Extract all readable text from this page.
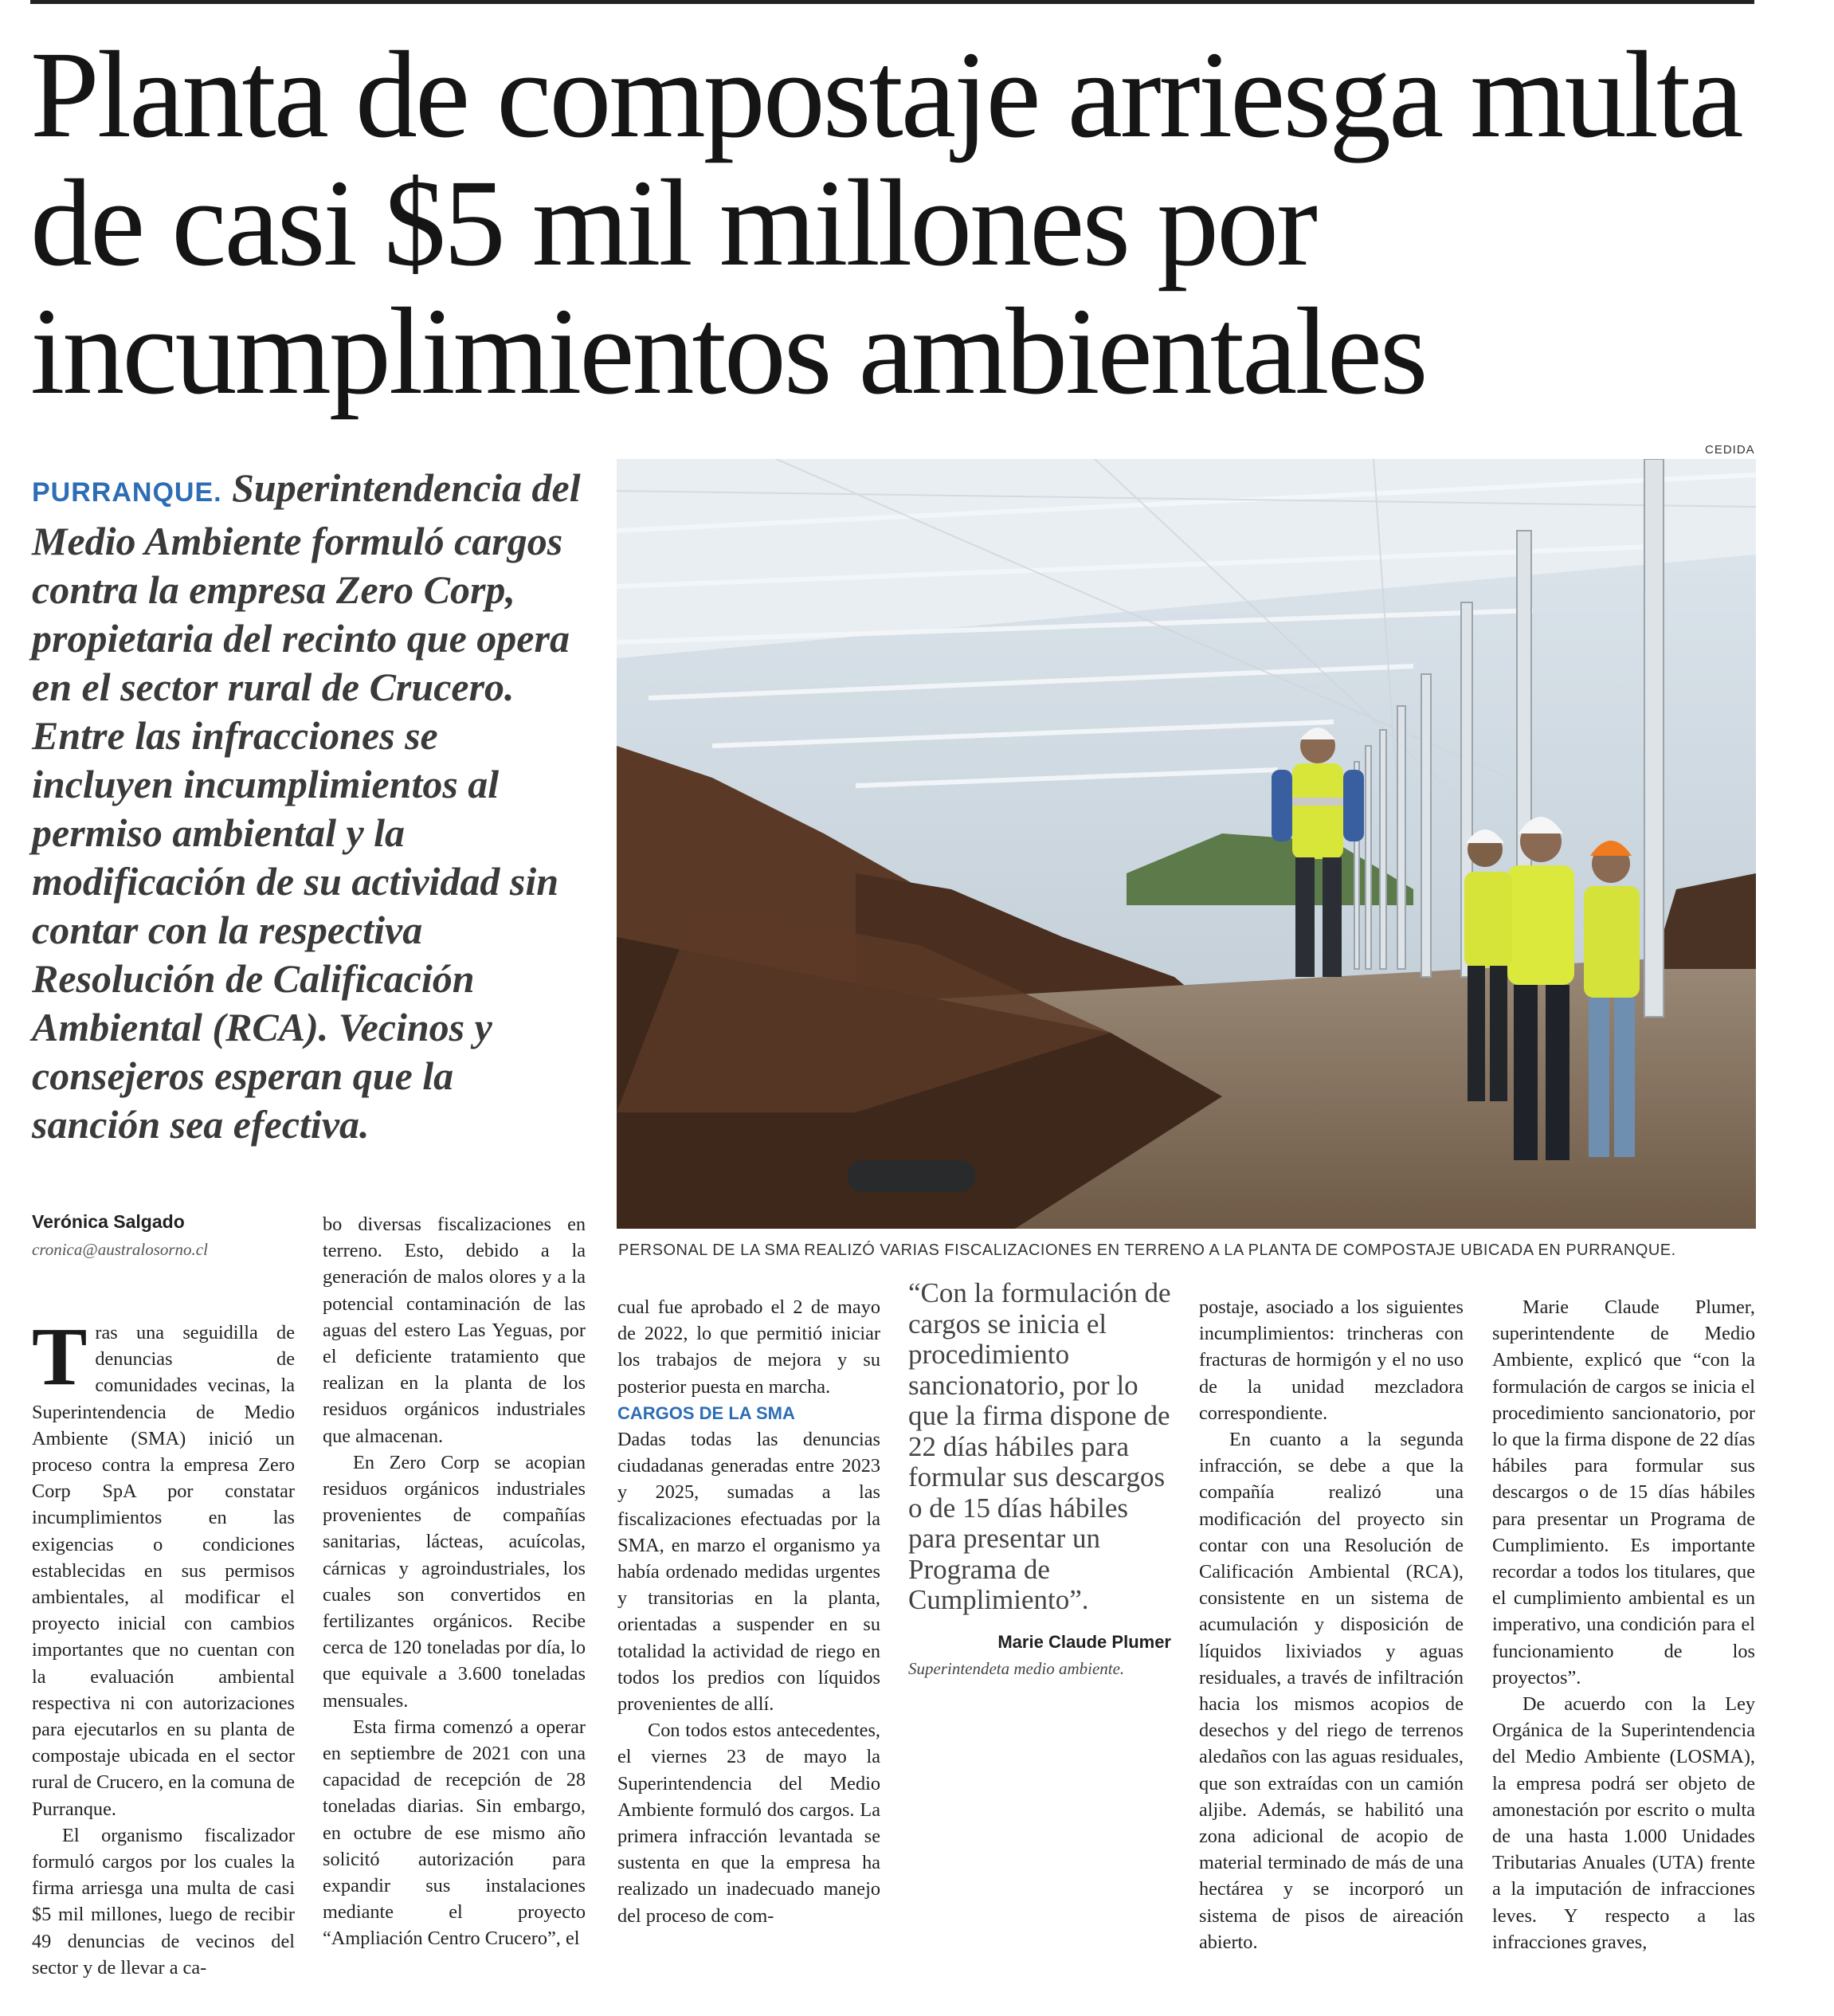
Planta de compostaje arriesga multa de casi $5 mil millones por incumplimientos ambientales

PURRANQUE. Superintendencia del Medio Ambiente formuló cargos contra la empresa Zero Corp, propietaria del recinto que opera en el sector rural de Crucero. Entre las infracciones se incluyen incumplimientos al permiso ambiental y la modificación de su actividad sin contar con la respectiva Resolución de Calificación Ambiental (RCA). Vecinos y consejeros esperan que la sanción sea efectiva.

CEDIDA
PERSONAL DE LA SMA REALIZÓ VARIAS FISCALIZACIONES EN TERRENO A LA PLANTA DE COMPOSTAJE UBICADA EN PURRANQUE.
Verónica Salgado
cronica@australosorno.cl

Tras una seguidilla de denuncias de comunidades vecinas, la Superintendencia de Medio Ambiente (SMA) inició un proceso contra la empresa Zero Corp SpA por constatar incumplimientos en las exigencias o condiciones establecidas en sus permisos ambientales, al modificar el proyecto inicial con cambios importantes que no cuentan con la evaluación ambiental respectiva ni con autorizaciones para ejecutarlos en su planta de compostaje ubicada en el sector rural de Crucero, en la comuna de Purranque.

El organismo fiscalizador formuló cargos por los cuales la firma arriesga una multa de casi $5 mil millones, luego de recibir 49 denuncias de vecinos del sector y de llevar a ca-

bo diversas fiscalizaciones en terreno. Esto, debido a la generación de malos olores y a la potencial contaminación de las aguas del estero Las Yeguas, por el deficiente tratamiento que realizan en la planta de los residuos orgánicos industriales que almacenan.

En Zero Corp se acopian residuos orgánicos industriales provenientes de compañías sanitarias, lácteas, acuícolas, cárnicas y agroindustriales, los cuales son convertidos en fertilizantes orgánicos. Recibe cerca de 120 toneladas por día, lo que equivale a 3.600 toneladas mensuales.

Esta firma comenzó a operar en septiembre de 2021 con una capacidad de recepción de 28 toneladas diarias. Sin embargo, en octubre de ese mismo año solicitó autorización para expandir sus instalaciones mediante el proyecto “Ampliación Centro Crucero”, el

cual fue aprobado el 2 de mayo de 2022, lo que permitió iniciar los trabajos de mejora y su posterior puesta en marcha.

CARGOS DE LA SMA

Dadas todas las denuncias ciudadanas generadas entre 2023 y 2025, sumadas a las fiscalizaciones efectuadas por la SMA, en marzo el organismo ya había ordenado medidas urgentes y transitorias en la planta, orientadas a suspender en su totalidad la actividad de riego en todos los predios con líquidos provenientes de allí.

Con todos estos antecedentes, el viernes 23 de mayo la Superintendencia del Medio Ambiente formuló dos cargos. La primera infracción levantada se sustenta en que la empresa ha realizado un inadecuado manejo del proceso de com-

“Con la formulación de cargos se inicia el procedimiento sancionatorio, por lo que la firma dispone de 22 días hábiles para formular sus descargos o de 15 días hábiles para presentar un Programa de Cumplimiento”.
Marie Claude Plumer
Superintendeta medio ambiente.

postaje, asociado a los siguientes incumplimientos: trincheras con fracturas de hormigón y el no uso de la unidad mezcladora correspondiente.

En cuanto a la segunda infracción, se debe a que la compañía realizó una modificación del proyecto sin contar con una Resolución de Calificación Ambiental (RCA), consistente en un sistema de acumulación y disposición de líquidos lixiviados y aguas residuales, a través de infiltración hacia los mismos acopios de desechos y del riego de terrenos aledaños con las aguas residuales, que son extraídas con un camión aljibe. Además, se habilitó una zona adicional de acopio de material terminado de más de una hectárea y se incorporó un sistema de pisos de aireación abierto.

Marie Claude Plumer, superintendente de Medio Ambiente, explicó que “con la formulación de cargos se inicia el procedimiento sancionatorio, por lo que la firma dispone de 22 días hábiles para formular sus descargos o de 15 días hábiles para presentar un Programa de Cumplimiento. Es importante recordar a todos los titulares, que el cumplimiento ambiental es un imperativo, una condición para el funcionamiento de los proyectos”.

De acuerdo con la Ley Orgánica de la Superintendencia del Medio Ambiente (LOSMA), la empresa podrá ser objeto de amonestación por escrito o multa de una hasta 1.000 Unidades Tributarias Anuales (UTA) frente a la imputación de infracciones leves. Y respecto a las infracciones graves,
